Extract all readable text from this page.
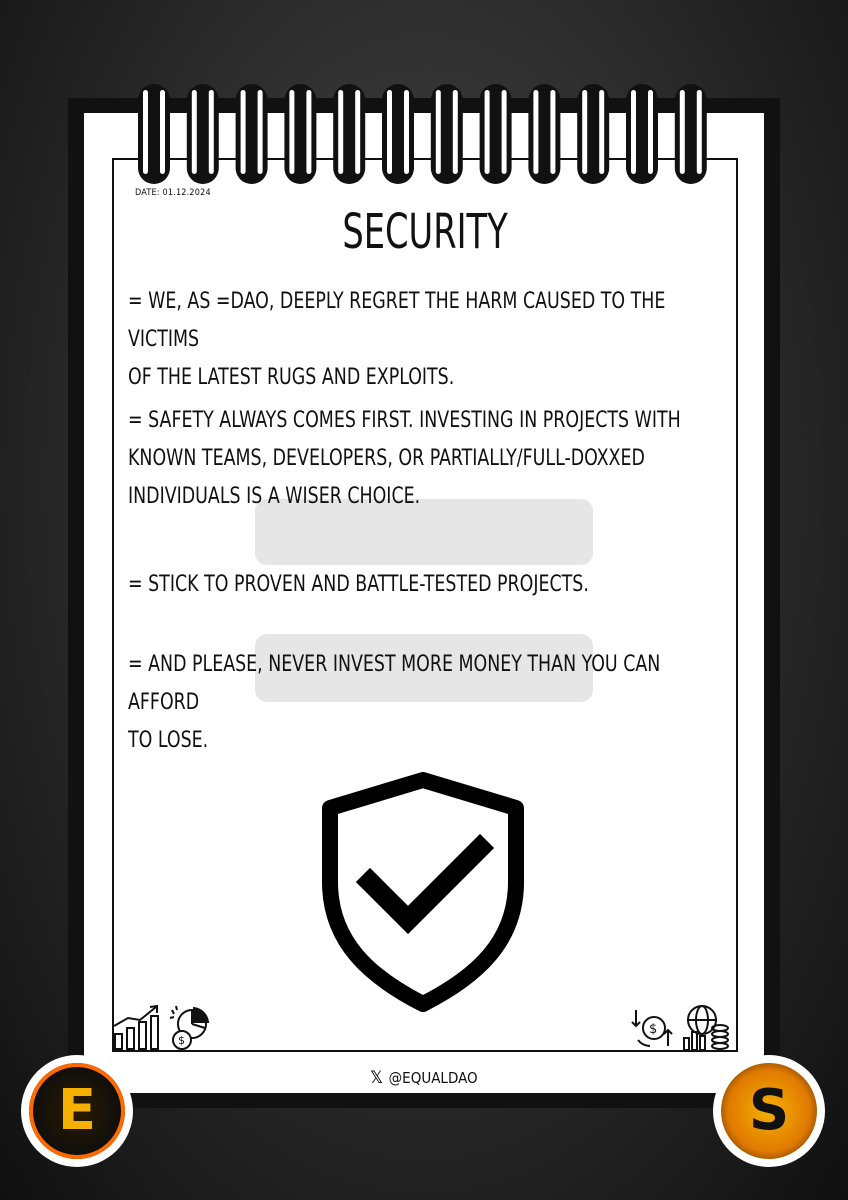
DATE: 01.12.2024
SECURITY
= WE, AS =DAO, DEEPLY REGRET THE HARM CAUSED TO THE VICTIMS
OF THE LATEST RUGS AND EXPLOITS.
= SAFETY ALWAYS COMES FIRST. INVESTING IN PROJECTS WITH
KNOWN TEAMS, DEVELOPERS, OR PARTIALLY/FULL-DOXXED
INDIVIDUALS IS A WISER CHOICE.
= STICK TO PROVEN AND BATTLE-TESTED PROJECTS.
= AND PLEASE, NEVER INVEST MORE MONEY THAN YOU CAN AFFORD
TO LOSE.
$
$
𝕏 @EQUALDAO
E	S
